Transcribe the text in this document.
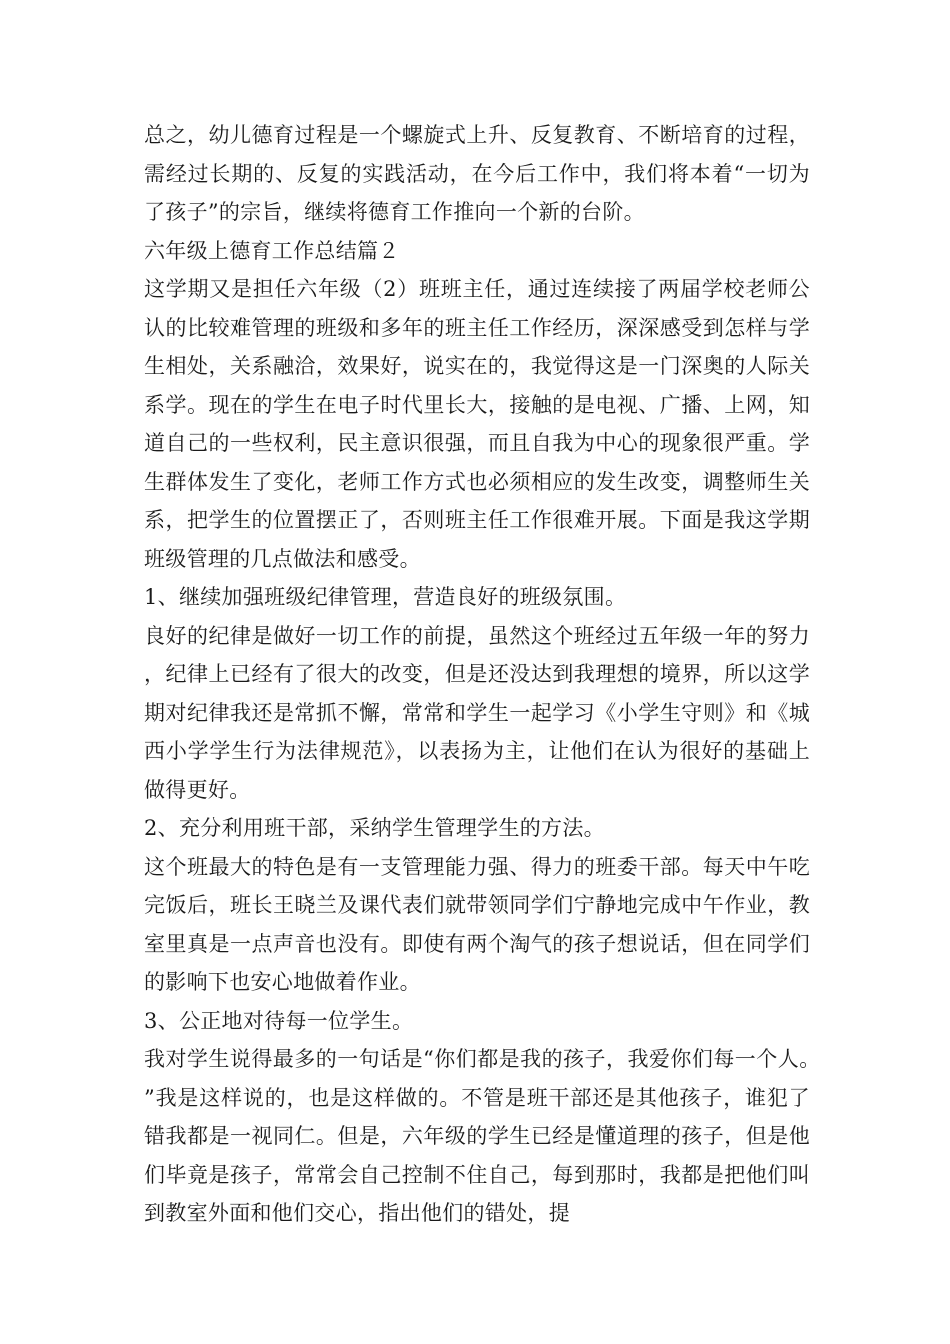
总之，幼儿德育过程是一个螺旋式上升、反复教育、不断培育的过程，需经过长期的、反复的实践活动，在今后工作中，我们将本着“一切为了孩子”的宗旨，继续将德育工作推向一个新的台阶。

六年级上德育工作总结篇２

这学期又是担任六年级（2）班班主任，通过连续接了两届学校老师公认的比较难管理的班级和多年的班主任工作经历，深深感受到怎样与学生相处，关系融洽，效果好，说实在的，我觉得这是一门深奥的人际关系学。现在的学生在电子时代里长大，接触的是电视、广播、上网，知道自己的一些权利，民主意识很强，而且自我为中心的现象很严重。学生群体发生了变化，老师工作方式也必须相应的发生改变，调整师生关系，把学生的位置摆正了，否则班主任工作很难开展。下面是我这学期班级管理的几点做法和感受。

1、继续加强班级纪律管理，营造良好的班级氛围。

良好的纪律是做好一切工作的前提，虽然这个班经过五年级一年的努力，纪律上已经有了很大的改变，但是还没达到我理想的境界，所以这学期对纪律我还是常抓不懈，常常和学生一起学习《小学生守则》和《城西小学学生行为法律规范》，以表扬为主，让他们在认为很好的基础上做得更好。

2、充分利用班干部，采纳学生管理学生的方法。

这个班最大的特色是有一支管理能力强、得力的班委干部。每天中午吃完饭后，班长王晓兰及课代表们就带领同学们宁静地完成中午作业，教室里真是一点声音也没有。即使有两个淘气的孩子想说话，但在同学们的影响下也安心地做着作业。

3、公正地对待每一位学生。

我对学生说得最多的一句话是“你们都是我的孩子，我爱你们每一个人。”我是这样说的，也是这样做的。不管是班干部还是其他孩子，谁犯了错我都是一视同仁。但是，六年级的学生已经是懂道理的孩子，但是他们毕竟是孩子，常常会自己控制不住自己，每到那时，我都是把他们叫到教室外面和他们交心，指出他们的错处，提
